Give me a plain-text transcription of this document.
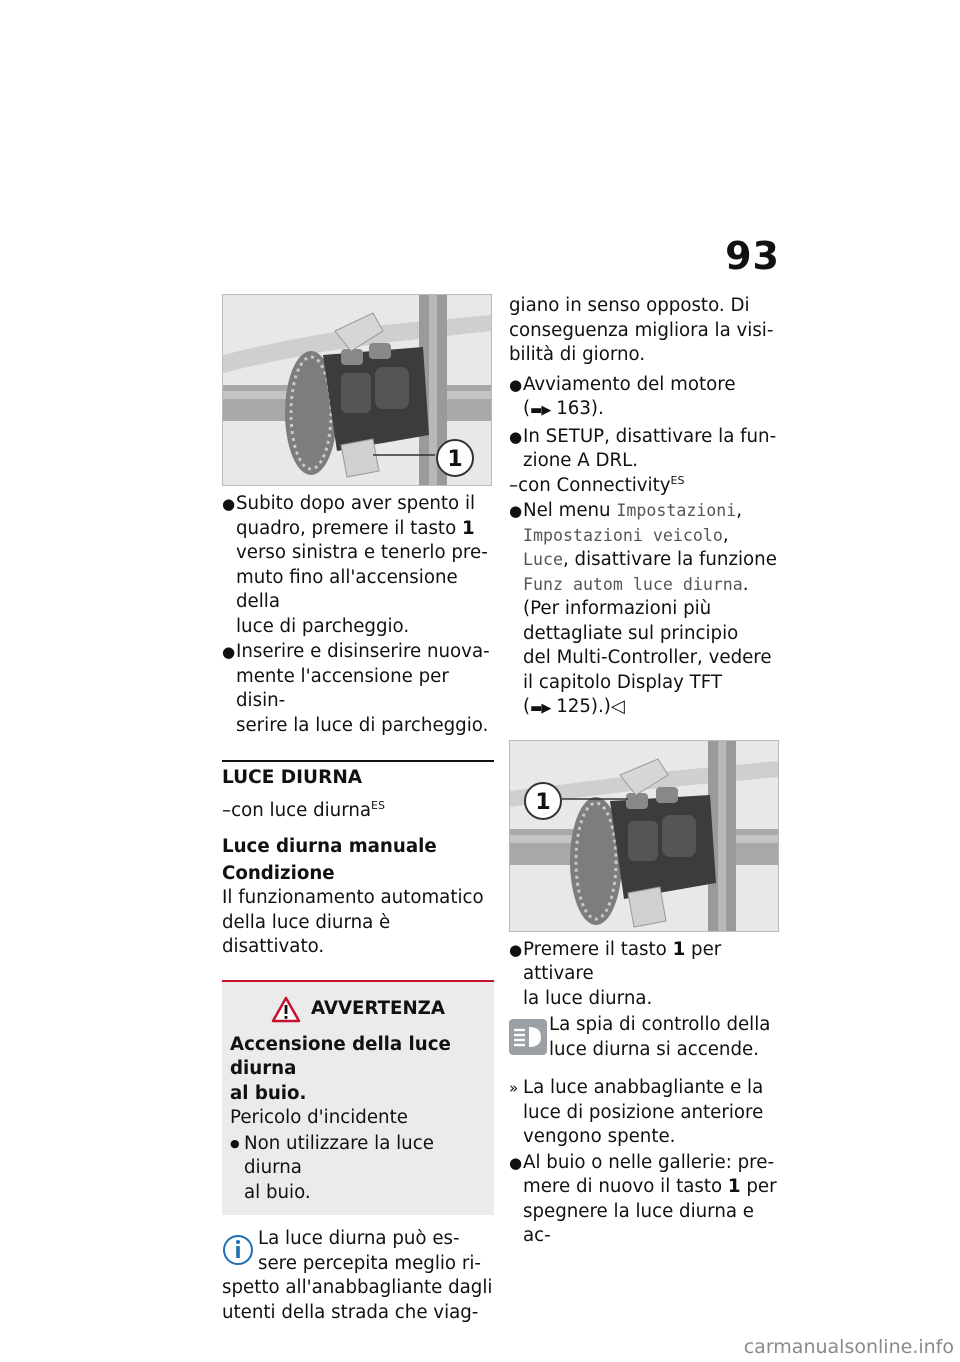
93
1
● Subito dopo aver spento il

quadro, premere il tasto 1

verso sinistra e tenerlo pre-

muto fino all'accensione della

luce di parcheggio.

● Inserire e disinserire nuova-

mente l'accensione per disin-

serire la luce di parcheggio.

LUCE DIURNA

–con luce diurna$^{ES}$

Luce diurna manuale

Condizione

Il funzionamento automatico

della luce diurna è disattivato.

AVVERTENZA

Accensione della luce diurna

al buio.

Pericolo d'incidente

● Non utilizzare la luce diurna

al buio.

La luce diurna può es-

sere percepita meglio ri-

spetto all'anabbagliante dagli

utenti della strada che viag-

giano in senso opposto. Di

conseguenza migliora la visi-

bilità di giorno.

● Avviamento del motore

(▬▶ 163).

● In SETUP, disattivare la fun-

zione A DRL.

–con Connectivity$^{ES}$

● Nel menu Impostazioni,

Impostazioni veicolo,

Luce, disattivare la funzione

Funz autom luce diurna.

(Per informazioni più

dettagliate sul principio

del Multi-Controller, vedere

il capitolo Display TFT

(▬▶ 125).)◁

1
● Premere il tasto 1 per attivare

la luce diurna.

La spia di controllo della

luce diurna si accende.

» La luce anabbagliante e la

luce di posizione anteriore

vengono spente.

● Al buio o nelle gallerie: pre-

mere di nuovo il tasto 1 per

spegnere la luce diurna e ac-

carmanualsonline.info
